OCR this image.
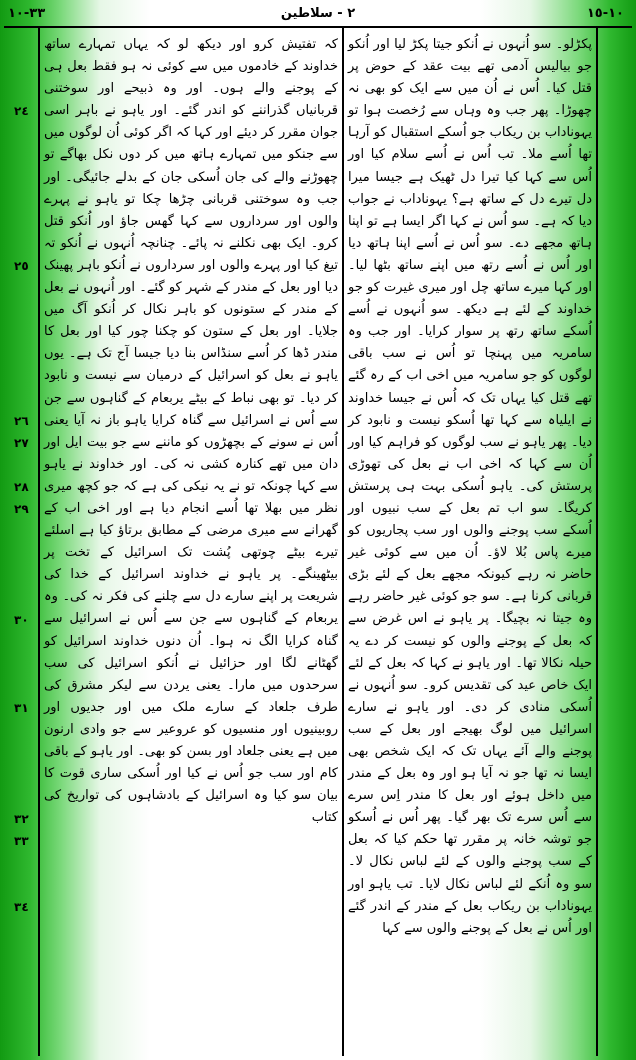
٣٣-١٠	٢ - سلاطین	١٠-١٥
٢٤
٢٥
٢٦
٢٧
٢٨
٢٩
٣٠
٣١
٣٢
٣٣
٣٤

کہ تفتیش کرو اور دیکھ لو کہ یہاں تمہارے ساتھ خداوند کے خادموں میں سے کوئی نہ ہو فقط بعل ہی کے پوجنے والے ہوں۔ اور وہ ذبیحے اور سوختنی قربانیاں گذراننے کو اندر گئے۔ اور یاہو نے باہر اسی جوان مقرر کر دیئے اور کہا کہ اگر کوئی اُن لوگوں میں سے جنکو میں تمہارے ہاتھ میں کر دوں نکل بھاگے تو چھوڑنے والے کی جان اُسکی جان کے بدلے جائیگی۔ اور جب وہ سوختنی قربانی چڑھا چکا تو یاہو نے پہرے والوں اور سرداروں سے کہا گھس جاؤ اور اُنکو قتل کرو۔ ایک بھی نکلنے نہ پائے۔ چنانچہ اُنہوں نے اُنکو تہ تیغ کیا اور پہرے والوں اور سرداروں نے اُنکو باہر پھینک دیا اور بعل کے مندر کے شہر کو گئے۔ اور اُنہوں نے بعل کے مندر کے ستونوں کو باہر نکال کر اُنکو آگ میں جلایا۔ اور بعل کے ستون کو چکنا چور کیا اور بعل کا مندر ڈھا کر اُسے سنڈاس بنا دیا جیسا آج تک ہے۔ یوں یاہو نے بعل کو اسرائیل کے درمیان سے نیست و نابود کر دیا۔ تو بھی نباط کے بیٹے یربعام کے گناہوں سے جن سے اُس نے اسرائیل سے گناہ کرایا یاہو باز نہ آیا یعنی اُس نے سونے کے بچھڑوں کو ماننے سے جو بیت ایل اور دان میں تھے کنارہ کشی نہ کی۔ اور خداوند نے یاہو سے کہا چونکہ تو نے یہ نیکی کی ہے کہ جو کچھ میری نظر میں بھلا تھا اُسے انجام دیا ہے اور اخی اب کے گھرانے سے میری مرضی کے مطابق برتاؤ کیا ہے اسلئے تیرے بیٹے چوتھی پُشت تک اسرائیل کے تخت پر بیٹھینگے۔ پر یاہو نے خداوند اسرائیل کے خدا کی شریعت پر اپنے سارے دل سے چلنے کی فکر نہ کی۔ وہ یربعام کے گناہوں سے جن سے اُس نے اسرائیل سے گناہ کرایا الگ نہ ہوا۔ اُن دنوں خداوند اسرائیل کو گھٹانے لگا اور حزائیل نے اُنکو اسرائیل کی سب سرحدوں میں مارا۔ یعنی یردن سے لیکر مشرق کی طرف جلعاد کے سارے ملک میں اور جدیوں اور روبینیوں اور منسیوں کو عروعیر سے جو وادی ارنون میں ہے یعنی جلعاد اور بسن کو بھی۔ اور یاہو کے باقی کام اور سب جو اُس نے کیا اور اُسکی ساری قوت کا بیان سو کیا وہ اسرائیل کے بادشاہوں کی تواریخ کی کتاب

پکڑلو۔ سو اُنہوں نے اُنکو جیتا پکڑ لیا اور اُنکو جو بیالیس آدمی تھے بیت عقد کے حوض پر قتل کیا۔ اُس نے اُن میں سے ایک کو بھی نہ چھوڑا۔ پھر جب وہ وہاں سے رُخصت ہوا تو یہوناداب بن ریکاب جو اُسکے استقبال کو آرہا تھا اُسے ملا۔ تب اُس نے اُسے سلام کیا اور اُس سے کہا کیا تیرا دل ٹھیک ہے جیسا میرا دل تیرے دل کے ساتھ ہے؟ یہوناداب نے جواب دیا کہ ہے۔ سو اُس نے کہا اگر ایسا ہے تو اپنا ہاتھ مجھے دے۔ سو اُس نے اُسے اپنا ہاتھ دیا اور اُس نے اُسے رتھ میں اپنے ساتھ بٹھا لیا۔ اور کہا میرے ساتھ چل اور میری غیرت کو جو خداوند کے لئے ہے دیکھ۔ سو اُنہوں نے اُسے اُسکے ساتھ رتھ پر سوار کرایا۔ اور جب وہ سامریہ میں پہنچا تو اُس نے سب باقی لوگوں کو جو سامریہ میں اخی اب کے رہ گئے تھے قتل کیا یہاں تک کہ اُس نے جیسا خداوند نے ایلیاہ سے کہا تھا اُسکو نیست و نابود کر دیا۔ پھر یاہو نے سب لوگوں کو فراہم کیا اور اُن سے کہا کہ اخی اب نے بعل کی تھوڑی پرستش کی۔ یاہو اُسکی بہت ہی پرستش کریگا۔ سو اب تم بعل کے سب نبیوں اور اُسکے سب پوجنے والوں اور سب پجاریوں کو میرے پاس بُلا لاؤ۔ اُن میں سے کوئی غیر حاضر نہ رہے کیونکہ مجھے بعل کے لئے بڑی قربانی کرنا ہے۔ سو جو کوئی غیر حاضر رہے وہ جیتا نہ بچیگا۔ پر یاہو نے اس غرض سے کہ بعل کے پوجنے والوں کو نیست کر دے یہ حیلہ نکالا تھا۔ اور یاہو نے کہا کہ بعل کے لئے ایک خاص عید کی تقدیس کرو۔ سو اُنہوں نے اُسکی منادی کر دی۔ اور یاہو نے سارے اسرائیل میں لوگ بھیجے اور بعل کے سب پوجنے والے آئے یہاں تک کہ ایک شخص بھی ایسا نہ تھا جو نہ آیا ہو اور وہ بعل کے مندر میں داخل ہوئے اور بعل کا مندر اِس سرے سے اُس سرے تک بھر گیا۔ پھر اُس نے اُسکو جو توشہ خانہ پر مقرر تھا حکم کیا کہ بعل کے سب پوجنے والوں کے لئے لباس نکال لا۔ سو وہ اُنکے لئے لباس نکال لایا۔ تب یاہو اور یہوناداب بن ریکاب بعل کے مندر کے اندر گئے اور اُس نے بعل کے پوجنے والوں سے کہا
